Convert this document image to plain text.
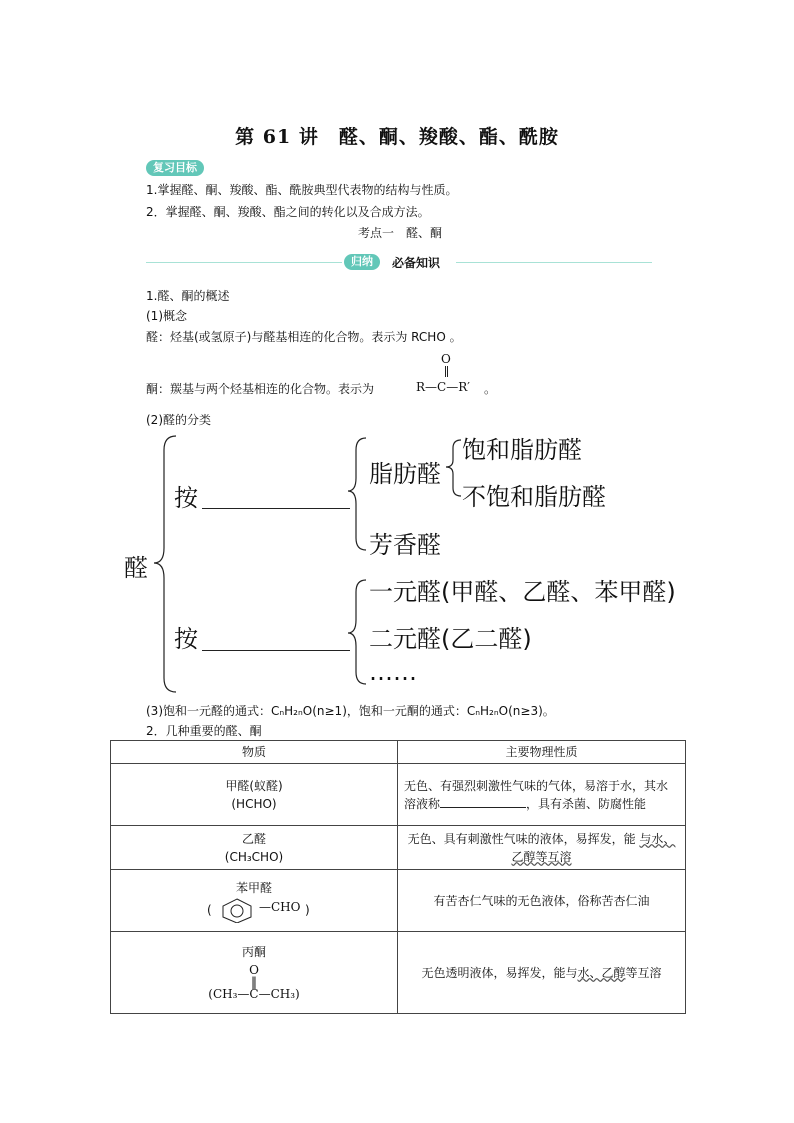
第 61 讲　醛、酮、羧酸、酯、酰胺
复习目标
1.掌握醛、酮、羧酸、酯、酰胺典型代表物的结构与性质。
2．掌握醛、酮、羧酸、酯之间的转化以及合成方法。
考点一　醛、酮
归纳	必备知识
1.醛、酮的概述
(1)概念
醛：烃基(或氢原子)与醛基相连的化合物。表示为 RCHO 。
O
酮：羰基与两个烃基相连的化合物。表示为	R—C—R′ 。
(2)醛的分类
醛
按
按
脂肪醛
饱和脂肪醛
不饱和脂肪醛
芳香醛
一元醛(甲醛、乙醛、苯甲醛)
二元醛(乙二醛)
……
(3)饱和一元醛的通式：CₙH₂ₙO(n≥1)，饱和一元酮的通式：CₙH₂ₙO(n≥3)。
2．几种重要的醛、酮
物质	主要物理性质

甲醛(蚁醛)
(HCHO)	无色、有强烈刺激性气味的气体，易溶于水，其水溶液称 ，具有杀菌、防腐性能

乙醛
(CH₃CHO)	无色、具有刺激性气味的液体，易挥发，能 与水、乙醇等互溶

苯甲醛
( —CHO )	有苦杏仁气味的无色液体，俗称苦杏仁油

丙酮
O
‖
(CH₃—C—CH₃)	无色透明液体，易挥发，能与水、乙醇等互溶
